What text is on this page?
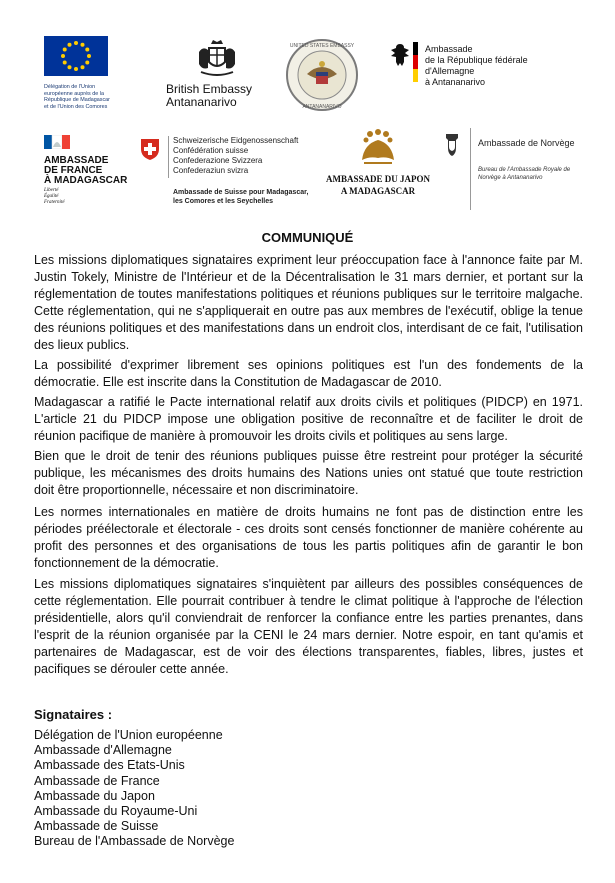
Délégation de l'Union européenne auprès de la République de Madagascar et de l'Union des Comores
British Embassy
Antananarivo
UNITED STATES EMBASSY
ANTANANARIVO
Ambassade
de la République fédérale d'Allemagne
à Antananarivo
AMBASSADE
DE FRANCE
À MADAGASCAR
Liberté
Égalité
Fraternité
Schweizerische Eidgenossenschaft
Confédération suisse
Confederazione Svizzera
Confederaziun svizra
Ambassade de Suisse pour Madagascar,
les Comores et les Seychelles
AMBASSADE DU JAPON
A MADAGASCAR
Ambassade de Norvège
Bureau de l'Ambassade Royale de
Norvège à Antananarivo
COMMUNIQUÉ

Les missions diplomatiques signataires expriment leur préoccupation face à l'annonce faite par M. Justin Tokely, Ministre de l'Intérieur et de la Décentralisation le 31 mars dernier, et portant sur la réglementation de toutes manifestations politiques et réunions publiques sur le territoire malgache. Cette réglementation, qui ne s'appliquerait en outre pas aux membres de l'exécutif, oblige la tenue des réunions politiques et des manifestations dans un endroit clos, interdisant de ce fait, l'utilisation des lieux publics.

La possibilité d'exprimer librement ses opinions politiques est l'un des fondements de la démocratie. Elle est inscrite dans la Constitution de Madagascar de 2010.

Madagascar a ratifié le Pacte international relatif aux droits civils et politiques (PIDCP) en 1971. L'article 21 du PIDCP impose une obligation positive de reconnaître et de faciliter le droit de réunion pacifique de manière à promouvoir les droits civils et politiques au sens large.

Bien que le droit de tenir des réunions publiques puisse être restreint pour protéger la sécurité publique, les mécanismes des droits humains des Nations unies ont statué que toute restriction doit être proportionnelle, nécessaire et non discriminatoire.

Les normes internationales en matière de droits humains ne font pas de distinction entre les périodes préélectorale et électorale - ces droits sont censés fonctionner de manière cohérente au profit des personnes et des organisations de tous les partis politiques afin de garantir le bon fonctionnement de la démocratie.

Les missions diplomatiques signataires s'inquiètent par ailleurs des possibles conséquences de cette réglementation. Elle pourrait contribuer à tendre le climat politique à l'approche de l'élection présidentielle, alors qu'il conviendrait de renforcer la confiance entre les parties prenantes, dans l'esprit de la réunion organisée par la CENI le 24 mars dernier. Notre espoir, en tant qu'amis et partenaires de Madagascar, est de voir des élections transparentes, fiables, libres, justes et pacifiques se dérouler cette année.

Signataires :
Délégation de l'Union européenne
Ambassade d'Allemagne
Ambassade des Etats-Unis
Ambassade de France
Ambassade du Japon
Ambassade du Royaume-Uni
Ambassade de Suisse
Bureau de l'Ambassade de Norvège
